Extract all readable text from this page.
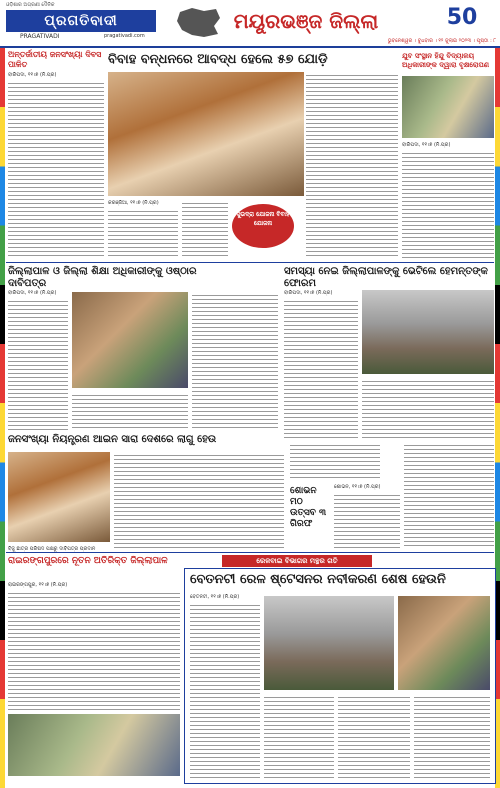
ଓଡ଼ିଶାର ଅଗ୍ରଣୀ ଦୈନିକ
ପ୍ରଗତିବାଦୀ
PRAGATIVADI	pragativadi.com
ମୟୂରଭଞ୍ଜ ଜିଲ୍ଲା	50
ଭୁବନେଶ୍ୱର । ବୁଧବାର । ୧୨ ଜୁଲାଇ ୨୦୨୩ । ପୃଷ୍ଠା : ୮
ଅନ୍ତର୍ଜାତୀୟ ଜନସଂଖ୍ୟା ଦିବସ ପାଳିତ
ବାରିପଦା, ୧୧।୭ (ନି.ପ୍ର)
ବିବାହ ବନ୍ଧନରେ ଆବଦ୍ଧ ହେଲେ ୫୭ ଯୋଡ଼ି
କରଞ୍ଜିଆ, ୧୧।୭ (ନି.ପ୍ର)
ସୁଭଦ୍ରା ଯୋଜନା ବିବାହ ଯୋଜନା
ଯୁବ ସଂସ୍ଥାନ ହିନ୍ଦୁ ବିଦ୍ୟାଳୟ ଅଧିକାରୀଙ୍କ ଦ୍ୱାରା ବୃକ୍ଷରୋପଣ
ବାରିପଦା, ୧୧।୭ (ନି.ପ୍ର)
ଜିଲ୍ଲାପାଳ ଓ ଜିଲ୍ଲା ଶିକ୍ଷା ଅଧିକାରୀଙ୍କୁ ଓଷ୍ଠାର ଦାବିପତ୍ର
ବାରିପଦା, ୧୧।୭ (ନି.ପ୍ର)
ସମସ୍ୟା ନେଇ ଜିଲ୍ଲାପାଳଙ୍କୁ ଭେଟିଲେ ହେମନ୍ତଙ୍କ ଫୋରମ
ବାରିପଦା, ୧୧।୭ (ନି.ପ୍ର)
ଜନସଂଖ୍ୟା ନିୟନ୍ତ୍ରଣ ଆଇନ ସାରା ଦେଶରେ ଲାଗୁ ହେଉ
ବିଜୁ ଛାତ୍ର ପରିଷଦ ପକ୍ଷରୁ ଦାବିପତ୍ର ପ୍ରଦାନ
ଶୋଭନ ମଠ ଉତ୍ସବ ୩ ଗିରଫ
ଶୋଭନ, ୧୧।୭ (ନି.ପ୍ର)
ରାଇରଙ୍ଗପୁରରେ ନୂତନ ଅତିରିକ୍ତ ଜିଲ୍ଲାପାଳ
ରାଇରଙ୍ଗପୁର, ୧୧।୭ (ନି.ପ୍ର)
ରେଳବାଇ ବିଭାଗର ମନ୍ଥର ଗତି
ବେତନଟୀ ରେଳ ଷ୍ଟେସନର ନବୀକରଣ ଶେଷ ହେଉନି
ବେତନଟୀ, ୧୧।୭ (ନି.ପ୍ର)
